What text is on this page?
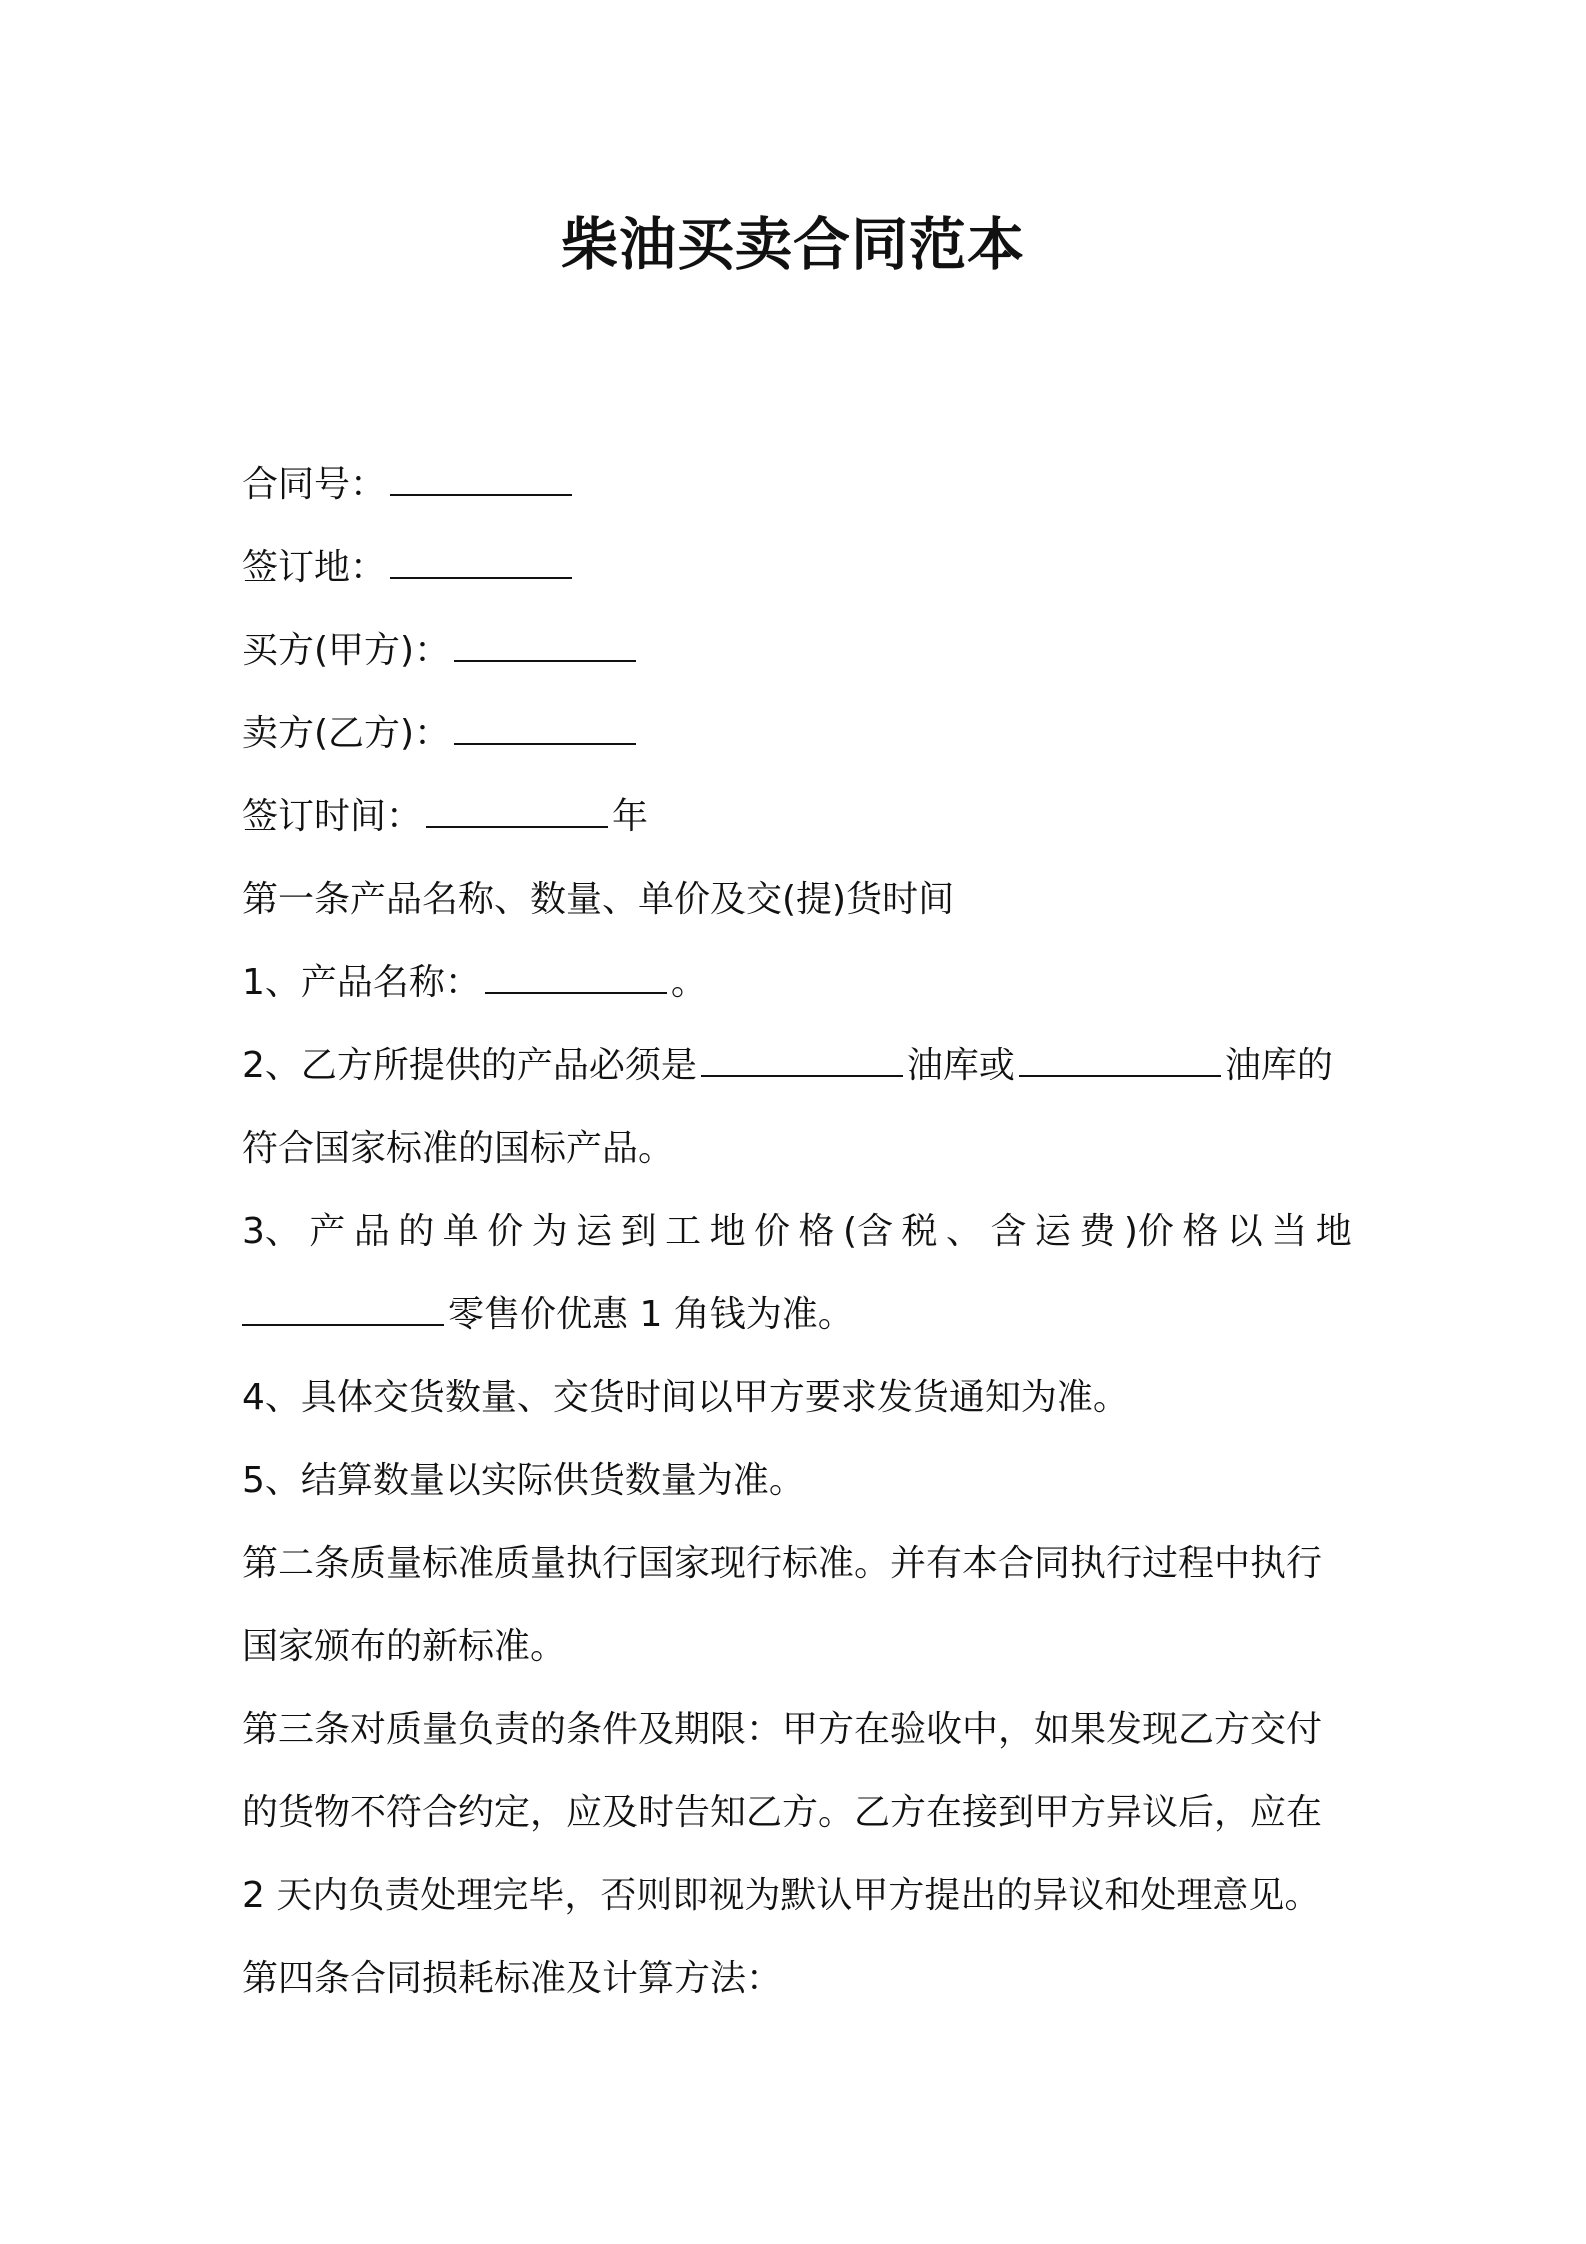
柴油买卖合同范本

合同号：

签订地：

买方(甲方)：

卖方(乙方)：

签订时间：	年

第一条产品名称、数量、单价及交(提)货时间

1、产品名称：	。

2、乙方所提供的产品必须是	油库或	油库的

符合国家标准的国标产品。

3、 产 品 的 单 价 为 运 到 工 地 价 格 (含 税 、 含 运 费 )价 格 以 当 地

零售价优惠 1 角钱为准。

4、具体交货数量、交货时间以甲方要求发货通知为准。

5、结算数量以实际供货数量为准。

第二条质量标准质量执行国家现行标准。并有本合同执行过程中执行

国家颁布的新标准。

第三条对质量负责的条件及期限：甲方在验收中，如果发现乙方交付

的货物不符合约定，应及时告知乙方。乙方在接到甲方异议后，应在

2 天内负责处理完毕，否则即视为默认甲方提出的异议和处理意见。

第四条合同损耗标准及计算方法：
